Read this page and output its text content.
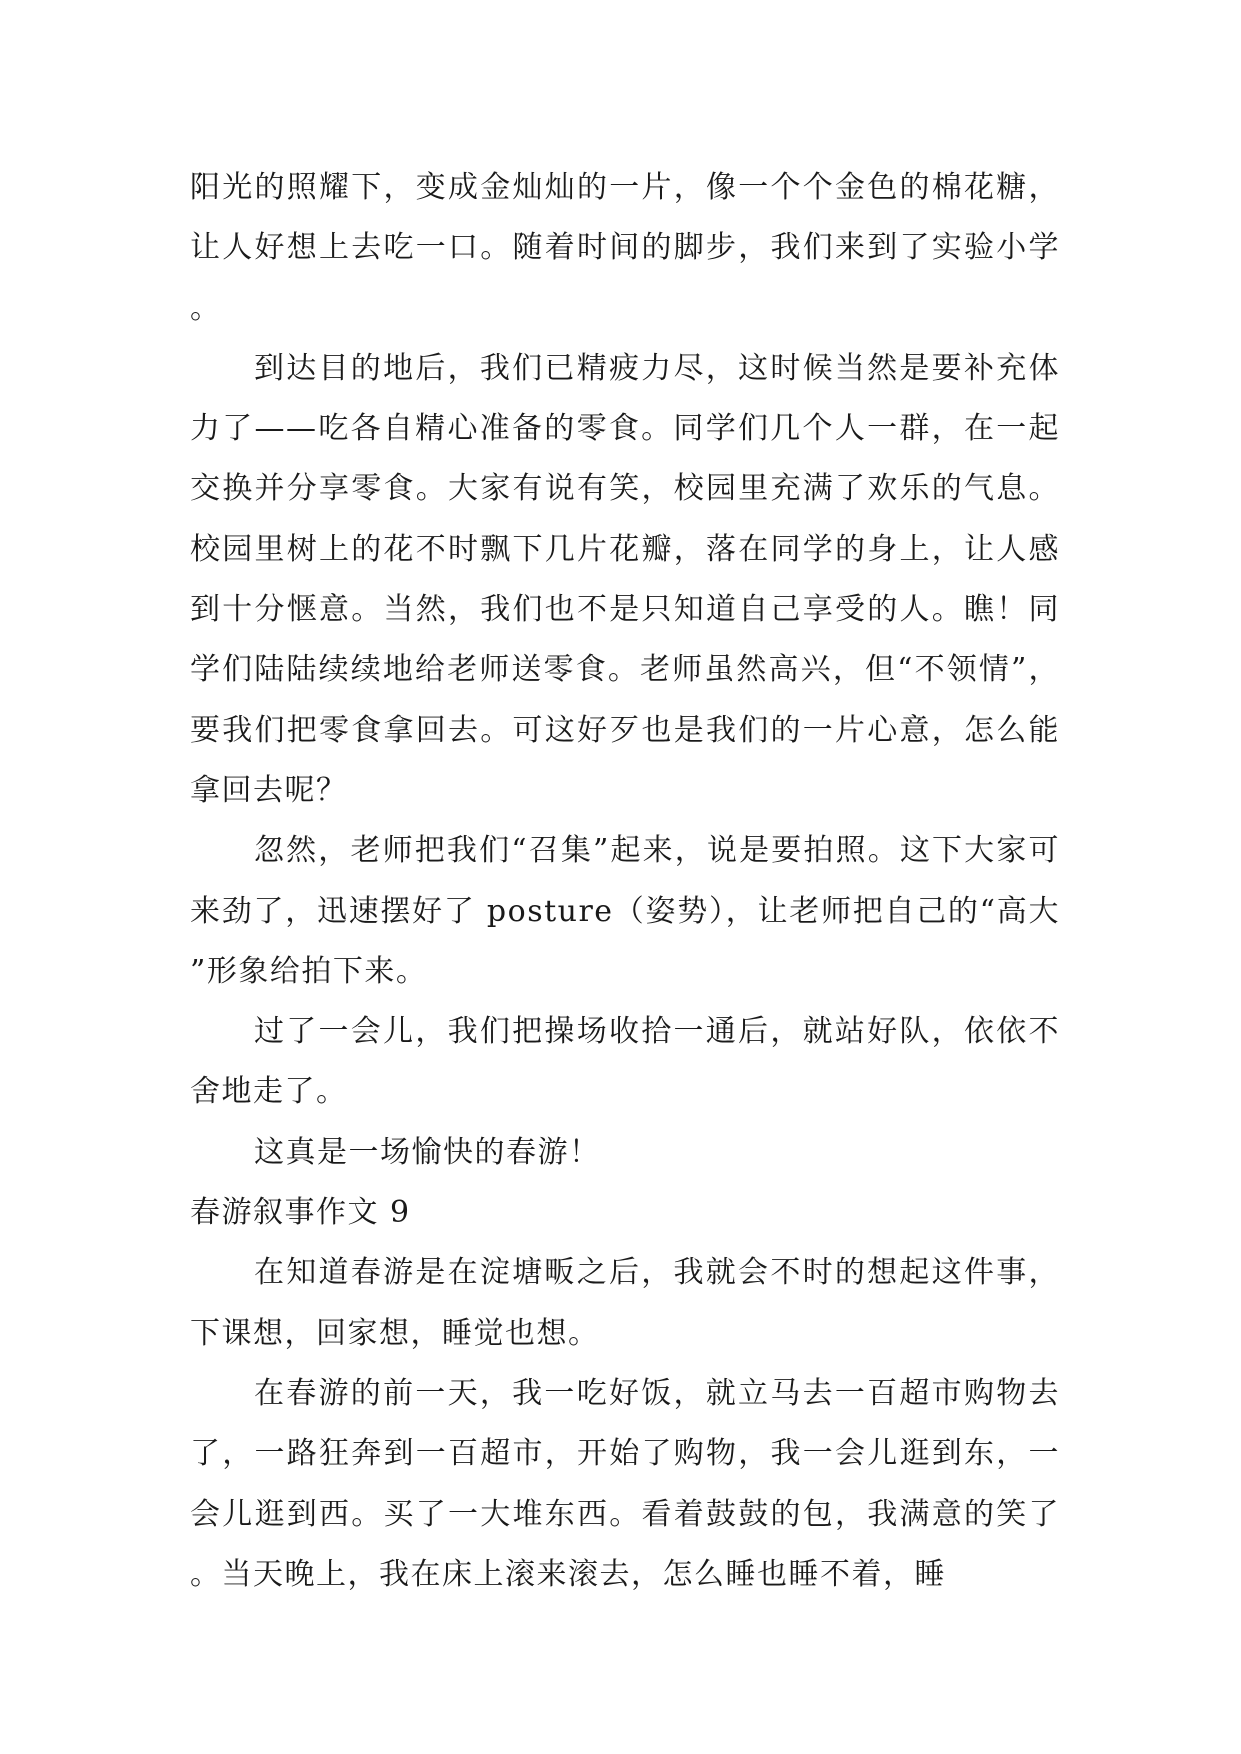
阳光的照耀下，变成金灿灿的一片，像一个个金色的棉花糖，让人好想上去吃一口。随着时间的脚步，我们来到了实验小学。

到达目的地后，我们已精疲力尽，这时候当然是要补充体力了——吃各自精心准备的零食。同学们几个人一群，在一起交换并分享零食。大家有说有笑，校园里充满了欢乐的气息。校园里树上的花不时飘下几片花瓣，落在同学的身上，让人感到十分惬意。当然，我们也不是只知道自己享受的人。瞧！同学们陆陆续续地给老师送零食。老师虽然高兴，但“不领情”，要我们把零食拿回去。可这好歹也是我们的一片心意，怎么能拿回去呢？

忽然，老师把我们“召集”起来，说是要拍照。这下大家可来劲了，迅速摆好了 posture（姿势），让老师把自己的“高大”形象给拍下来。

过了一会儿，我们把操场收拾一通后，就站好队，依依不舍地走了。

这真是一场愉快的春游！

春游叙事作文 9

在知道春游是在淀塘畈之后，我就会不时的想起这件事，下课想，回家想，睡觉也想。

在春游的前一天，我一吃好饭，就立马去一百超市购物去了，一路狂奔到一百超市，开始了购物，我一会儿逛到东，一会儿逛到西。买了一大堆东西。看着鼓鼓的包，我满意的笑了。当天晚上，我在床上滚来滚去，怎么睡也睡不着，睡
